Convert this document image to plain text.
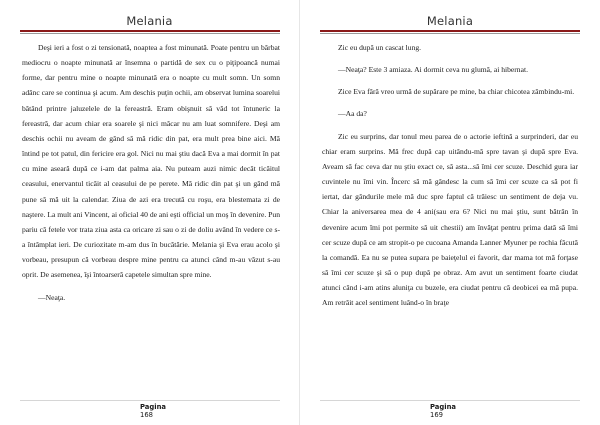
Melania

Deşi ieri a fost o zi tensionată, noaptea a fost minunată. Poate pentru un bărbat mediocru o noapte minunată ar însemna o partidă de sex cu o piţipoancă numai forme, dar pentru mine o noapte minunată era o noapte cu mult somn. Un somn adânc care se continua şi acum. Am deschis puţin ochii, am observat lumina soarelui bătând printre jaluzelele de la fereastră. Eram obişnuit să văd tot întuneric la fereastră, dar acum chiar era soarele şi nici măcar nu am luat somnifere. Deşi am deschis ochii nu aveam de gând să mă ridic din pat, era mult prea bine aici. Mă întind pe tot patul, din fericire era gol. Nici nu mai ştiu dacă Eva a mai dormit în pat cu mine aseară după ce i-am dat palma aia. Nu puteam auzi nimic decât ticăitul ceasului, enervantul ticăit al ceasului de pe perete. Mă ridic din pat şi un gând mă pune să mă uit la calendar. Ziua de azi era trecută cu roşu, era blestemata zi de naştere. La mult ani Vincent, ai oficial 40 de ani eşti official un moş în devenire. Pun pariu că fetele vor trata ziua asta ca oricare zi sau o zi de doliu având în vedere ce s-a întâmplat ieri. De curiozitate m-am dus în bucătărie. Melania şi Eva erau acolo şi vorbeau, presupun că vorbeau despre mine pentru ca atunci când m-au văzut s-au oprit. De asemenea, îşi întoarseră capetele simultan spre mine.

—Neaţa.

Pagina
168
Melania

Zic eu după un cascat lung.

—Neaţa? Este 3 amiaza. Ai dormit ceva nu glumă, ai hibernat.

Zice Eva fără vreo urmă de supărare pe mine, ba chiar chicotea zâmbindu-mi.

—Aa da?

Zic eu surprins, dar tonul meu parea de o actorie ieftină a surprinderi, dar eu chiar eram surprins. Mă frec după cap uitându-mă spre tavan şi după spre Eva. Aveam să fac ceva dar nu ştiu exact ce, să asta...să îmi cer scuze. Deschid gura iar cuvintele nu îmi vin. Încerc să mă gândesc la cum să îmi cer scuze ca să pot fi iertat, dar gândurile mele mă duc spre faptul că trăiesc un sentiment de deja vu. Chiar la aniversarea mea de 4 ani(sau era 6? Nici nu mai ştiu, sunt bătrân în devenire acum îmi pot permite să uit chestii) am învăţat pentru prima dată să îmi cer scuze după ce am stropit-o pe cucoana Amanda Lanner Myuner pe rochia făcută la comandă. Ea nu se putea supara pe baieţelul ei favorit, dar mama tot mă forţase să îmi cer scuze şi să o pup după pe obraz. Am avut un sentiment foarte ciudat atunci când i-am atins aluniţa cu buzele, era ciudat pentru că deobicei ea mă pupa. Am retrăit acel sentiment luând-o în braţe

Pagina
169
